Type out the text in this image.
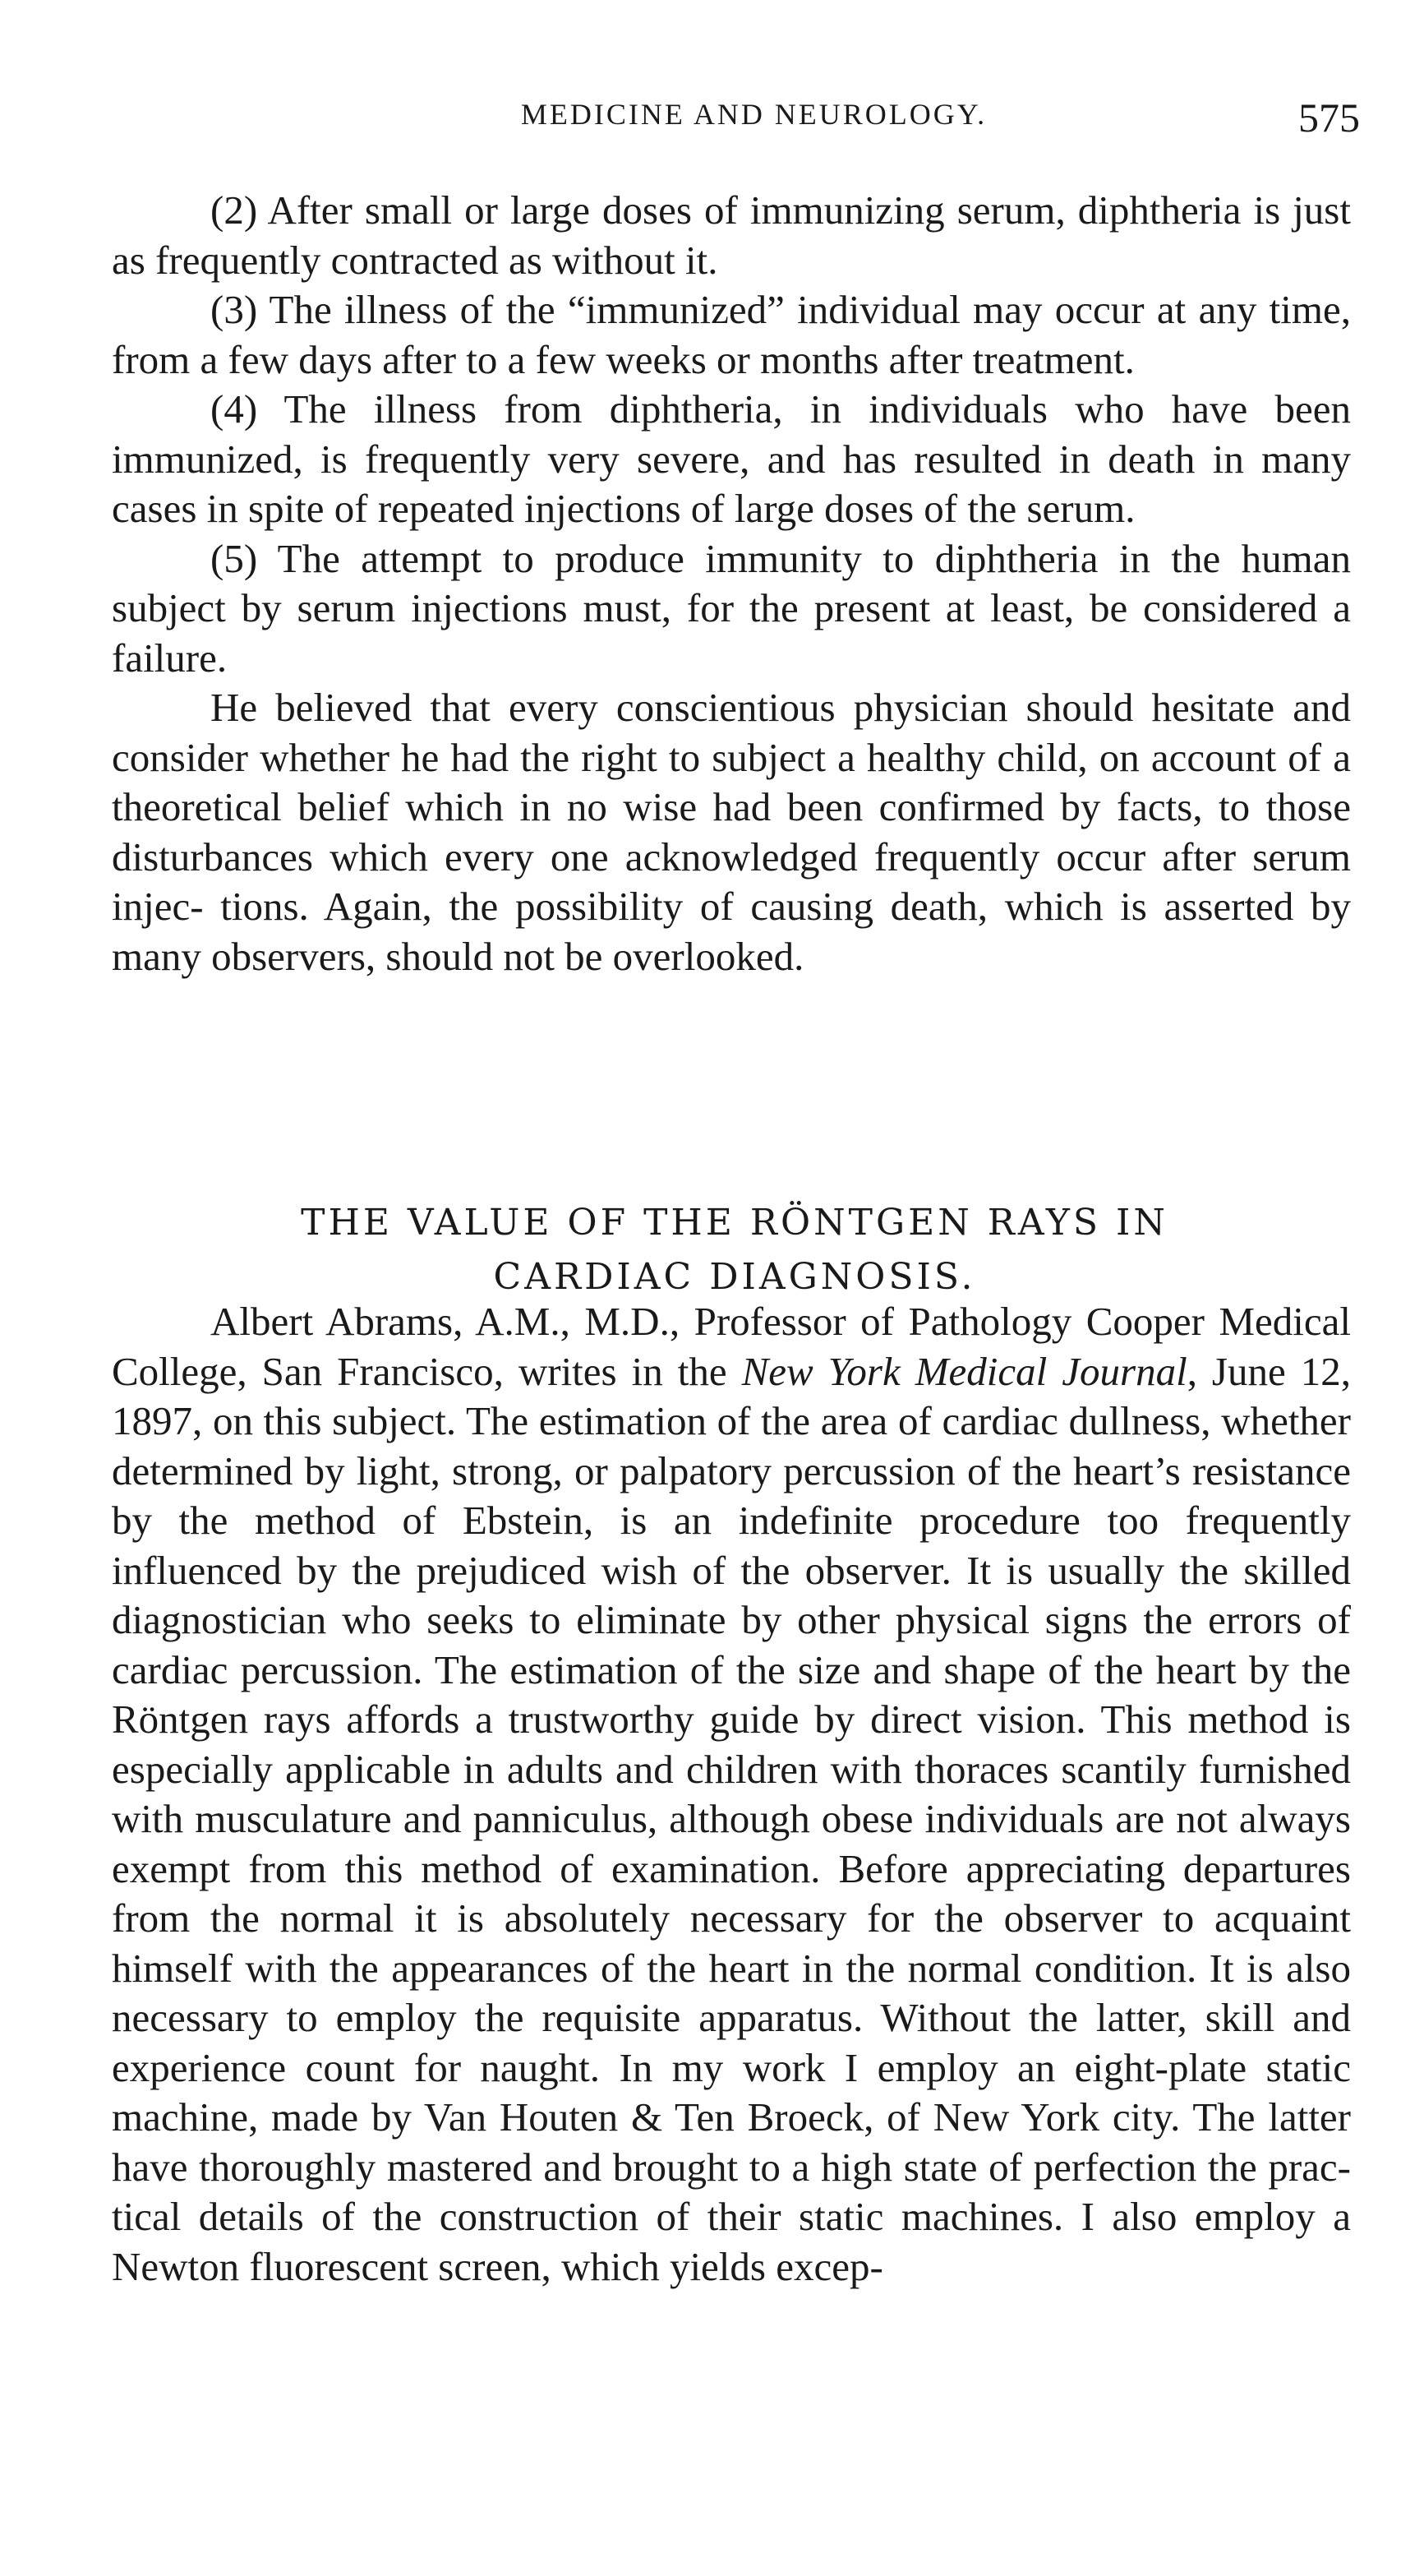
MEDICINE AND NEUROLOGY.	575

(2) After small or large doses of immunizing serum, diphtheria is just as frequently contracted as without it.

(3) The illness of the “immunized” individual may occur at any time, from a few days after to a few weeks or months after treatment.

(4) The illness from diphtheria, in individuals who have been immunized, is frequently very severe, and has resulted in death in many cases in spite of repeated injections of large doses of the serum.

(5) The attempt to produce immunity to diphtheria in the human subject by serum injections must, for the present at least, be considered a failure.

He believed that every conscientious physician should hesitate and consider whether he had the right to subject a healthy child, on account of a theoretical belief which in no wise had been confirmed by facts, to those disturbances which every one acknowledged frequently occur after serum injec- tions. Again, the possibility of causing death, which is asserted by many observers, should not be overlooked.

THE VALUE OF THE RÖNTGEN RAYS IN
CARDIAC DIAGNOSIS.

Albert Abrams, A.M., M.D., Professor of Pathology Cooper Medical College, San Francisco, writes in the New York Medical Journal, June 12, 1897, on this subject. The estimation of the area of cardiac dullness, whether determined by light, strong, or palpatory percussion of the heart’s resistance by the method of Ebstein, is an indefinite procedure too frequently influenced by the prejudiced wish of the observer. It is usually the skilled diagnostician who seeks to eliminate by other physical signs the errors of cardiac percussion. The estimation of the size and shape of the heart by the Röntgen rays affords a trustworthy guide by direct vision. This method is especially applicable in adults and children with thoraces scantily furnished with musculature and panniculus, although obese individuals are not always exempt from this method of examination. Before appreciating departures from the normal it is absolutely necessary for the observer to acquaint himself with the appearances of the heart in the normal condition. It is also necessary to employ the requisite apparatus. Without the latter, skill and experience count for naught. In my work I employ an eight-plate static machine, made by Van Houten & Ten Broeck, of New York city. The latter have thoroughly mastered and brought to a high state of perfection the prac- tical details of the construction of their static machines. I also employ a Newton fluorescent screen, which yields excep-
